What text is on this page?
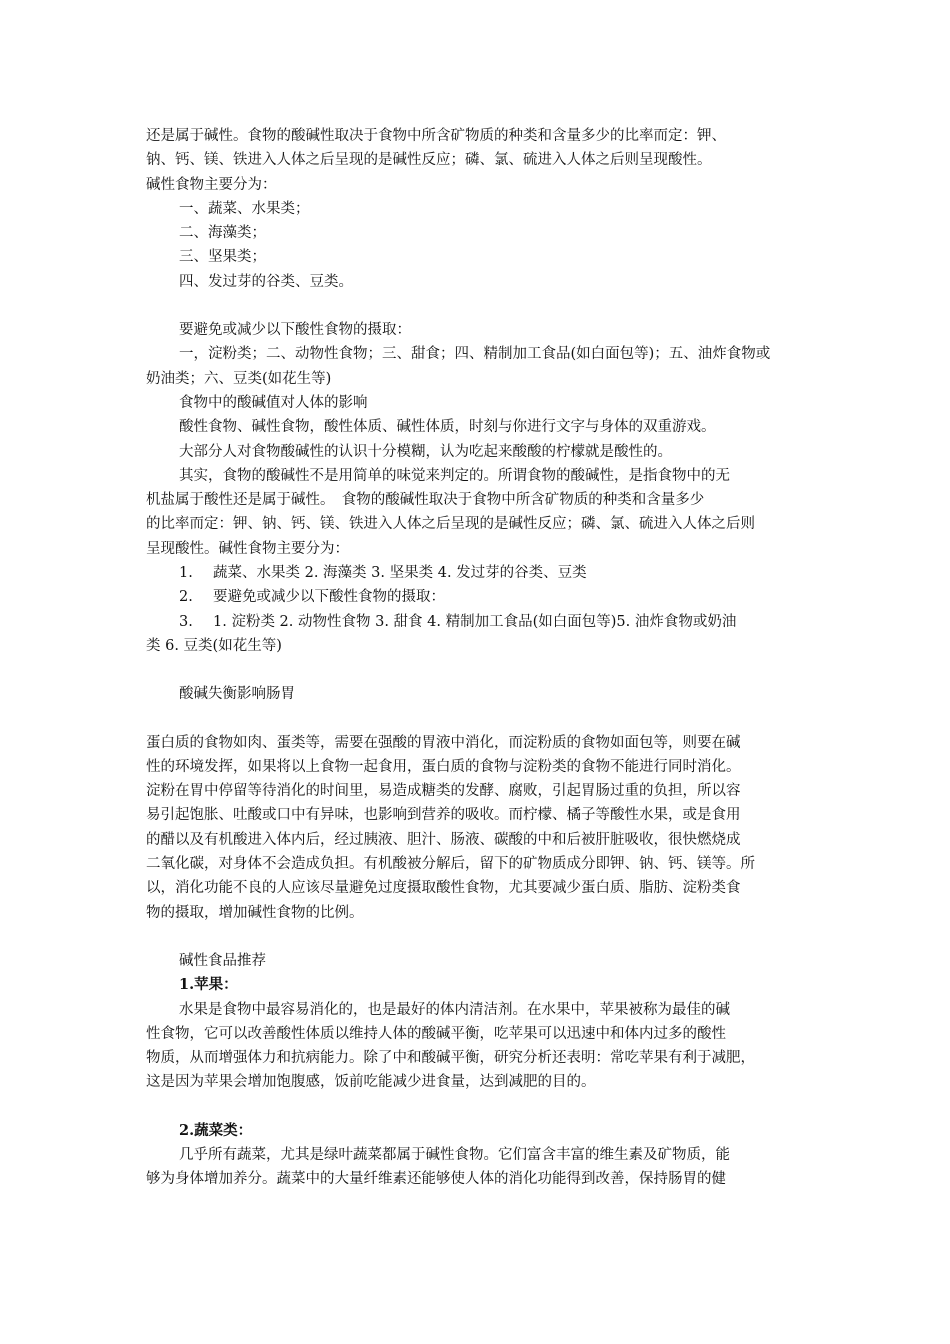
还是属于碱性。食物的酸碱性取决于食物中所含矿物质的种类和含量多少的比率而定：钾、

钠、钙、镁、铁进入人体之后呈现的是碱性反应；磷、氯、硫进入人体之后则呈现酸性。

碱性食物主要分为：

一、蔬菜、水果类；

二、海藻类；

三、坚果类；

四、发过芽的谷类、豆类。

要避免或减少以下酸性食物的摄取：

一，淀粉类；二、动物性食物；三、甜食；四、精制加工食品(如白面包等)；五、油炸食物或

奶油类；六、豆类(如花生等)

食物中的酸碱值对人体的影响

酸性食物、碱性食物，酸性体质、碱性体质，时刻与你进行文字与身体的双重游戏。

大部分人对食物酸碱性的认识十分模糊，认为吃起来酸酸的柠檬就是酸性的。

其实，食物的酸碱性不是用简单的味觉来判定的。所谓食物的酸碱性，是指食物中的无

机盐属于酸性还是属于碱性。　食物的酸碱性取决于食物中所含矿物质的种类和含量多少

的比率而定：钾、钠、钙、镁、铁进入人体之后呈现的是碱性反应；磷、氯、硫进入人体之后则

呈现酸性。碱性食物主要分为：

1. 蔬菜、水果类 2. 海藻类 3. 坚果类 4. 发过芽的谷类、豆类

2. 要避免或减少以下酸性食物的摄取：

3. 1. 淀粉类 2. 动物性食物 3. 甜食 4. 精制加工食品(如白面包等)5. 油炸食物或奶油

类 6. 豆类(如花生等)

酸碱失衡影响肠胃

蛋白质的食物如肉、蛋类等，需要在强酸的胃液中消化，而淀粉质的食物如面包等，则要在碱

性的环境发挥，如果将以上食物一起食用，蛋白质的食物与淀粉类的食物不能进行同时消化。

淀粉在胃中停留等待消化的时间里，易造成糖类的发酵、腐败，引起胃肠过重的负担，所以容

易引起饱胀、吐酸或口中有异味，也影响到营养的吸收。而柠檬、橘子等酸性水果，或是食用

的醋以及有机酸进入体内后，经过胰液、胆汁、肠液、碳酸的中和后被肝脏吸收，很快燃烧成

二氧化碳，对身体不会造成负担。有机酸被分解后，留下的矿物质成分即钾、钠、钙、镁等。所

以，消化功能不良的人应该尽量避免过度摄取酸性食物，尤其要减少蛋白质、脂肪、淀粉类食

物的摄取，增加碱性食物的比例。

碱性食品推荐

1.苹果：

水果是食物中最容易消化的，也是最好的体内清洁剂。在水果中，苹果被称为最佳的碱

性食物，它可以改善酸性体质以维持人体的酸碱平衡，吃苹果可以迅速中和体内过多的酸性

物质，从而增强体力和抗病能力。除了中和酸碱平衡，研究分析还表明：常吃苹果有利于减肥，

这是因为苹果会增加饱腹感，饭前吃能减少进食量，达到减肥的目的。

2.蔬菜类：

几乎所有蔬菜，尤其是绿叶蔬菜都属于碱性食物。它们富含丰富的维生素及矿物质，能

够为身体增加养分。蔬菜中的大量纤维素还能够使人体的消化功能得到改善，保持肠胃的健
